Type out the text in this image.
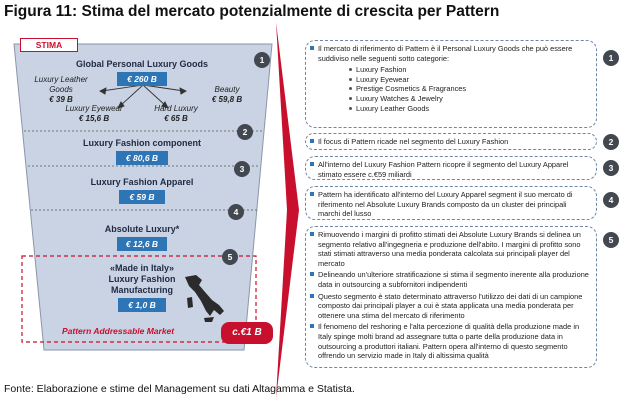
Figura 11: Stima del mercato potenzialmente di crescita per Pattern
STIMA
Global Personal Luxury Goods
€ 260 B
Luxury Leather
Goods
€ 39 B
Beauty
€ 59,8 B
Luxury Eyewear
€ 15,6 B
Hard Luxury
€ 65 B
Luxury Fashion component
€ 80,6 B
Luxury Fashion Apparel
€ 59 B
Absolute Luxury*
€ 12,6 B
«Made in Italy»
Luxury Fashion
Manufacturing
€ 1,0 B
1
2
3
4
5
Pattern Addressable Market	c.€1 B

Il mercato di riferimento di Pattern è il Personal Luxury Goods che può essere suddiviso nelle seguenti sotto categorie:

Luxury Fashion
Luxury Eyewear
Prestige Cosmetics & Fragrances
Luxury Watches & Jewelry
Luxury Leather Goods
1

Il focus di Pattern ricade nel segmento del Luxury Fashion	2

All'interno del Luxury Fashion Pattern ricopre il segmento del Luxury Apparel stimato essere c.€59 miliardi

3

Pattern ha identificato all'interno del Luxury Apparel segment il suo mercato di riferimento nel Absolute Luxury Brands composto da un cluster dei principali marchi del lusso

4

Rimuovendo i margini di profitto stimati dei Absolute Luxury Brands si delinea un segmento relativo all'ingegneria e produzione dell'abito. I margini di profitto sono stati stimati attraverso una media ponderata calcolata sui principali player del mercato

Delineando un'ulteriore stratificazione si stima il segmento inerente alla produzione data in outsourcing a subfornitori indipendenti

Questo segmento è stato determinato attraverso l'utilizzo dei dati di un campione composto dai principali player a cui è stata applicata una media ponderata per ottenere una stima del mercato di riferimento

Il fenomeno del reshoring e l'alta percezione di qualità della produzione made in Italy spinge molti brand ad assegnare tutta o parte della produzione data in outsourcing a produttori italiani. Pattern opera all'interno di questo segmento offrendo un servizio made in Italy di altissima qualità

5
Fonte: Elaborazione e stime del Management su dati Altagamma e Statista.
